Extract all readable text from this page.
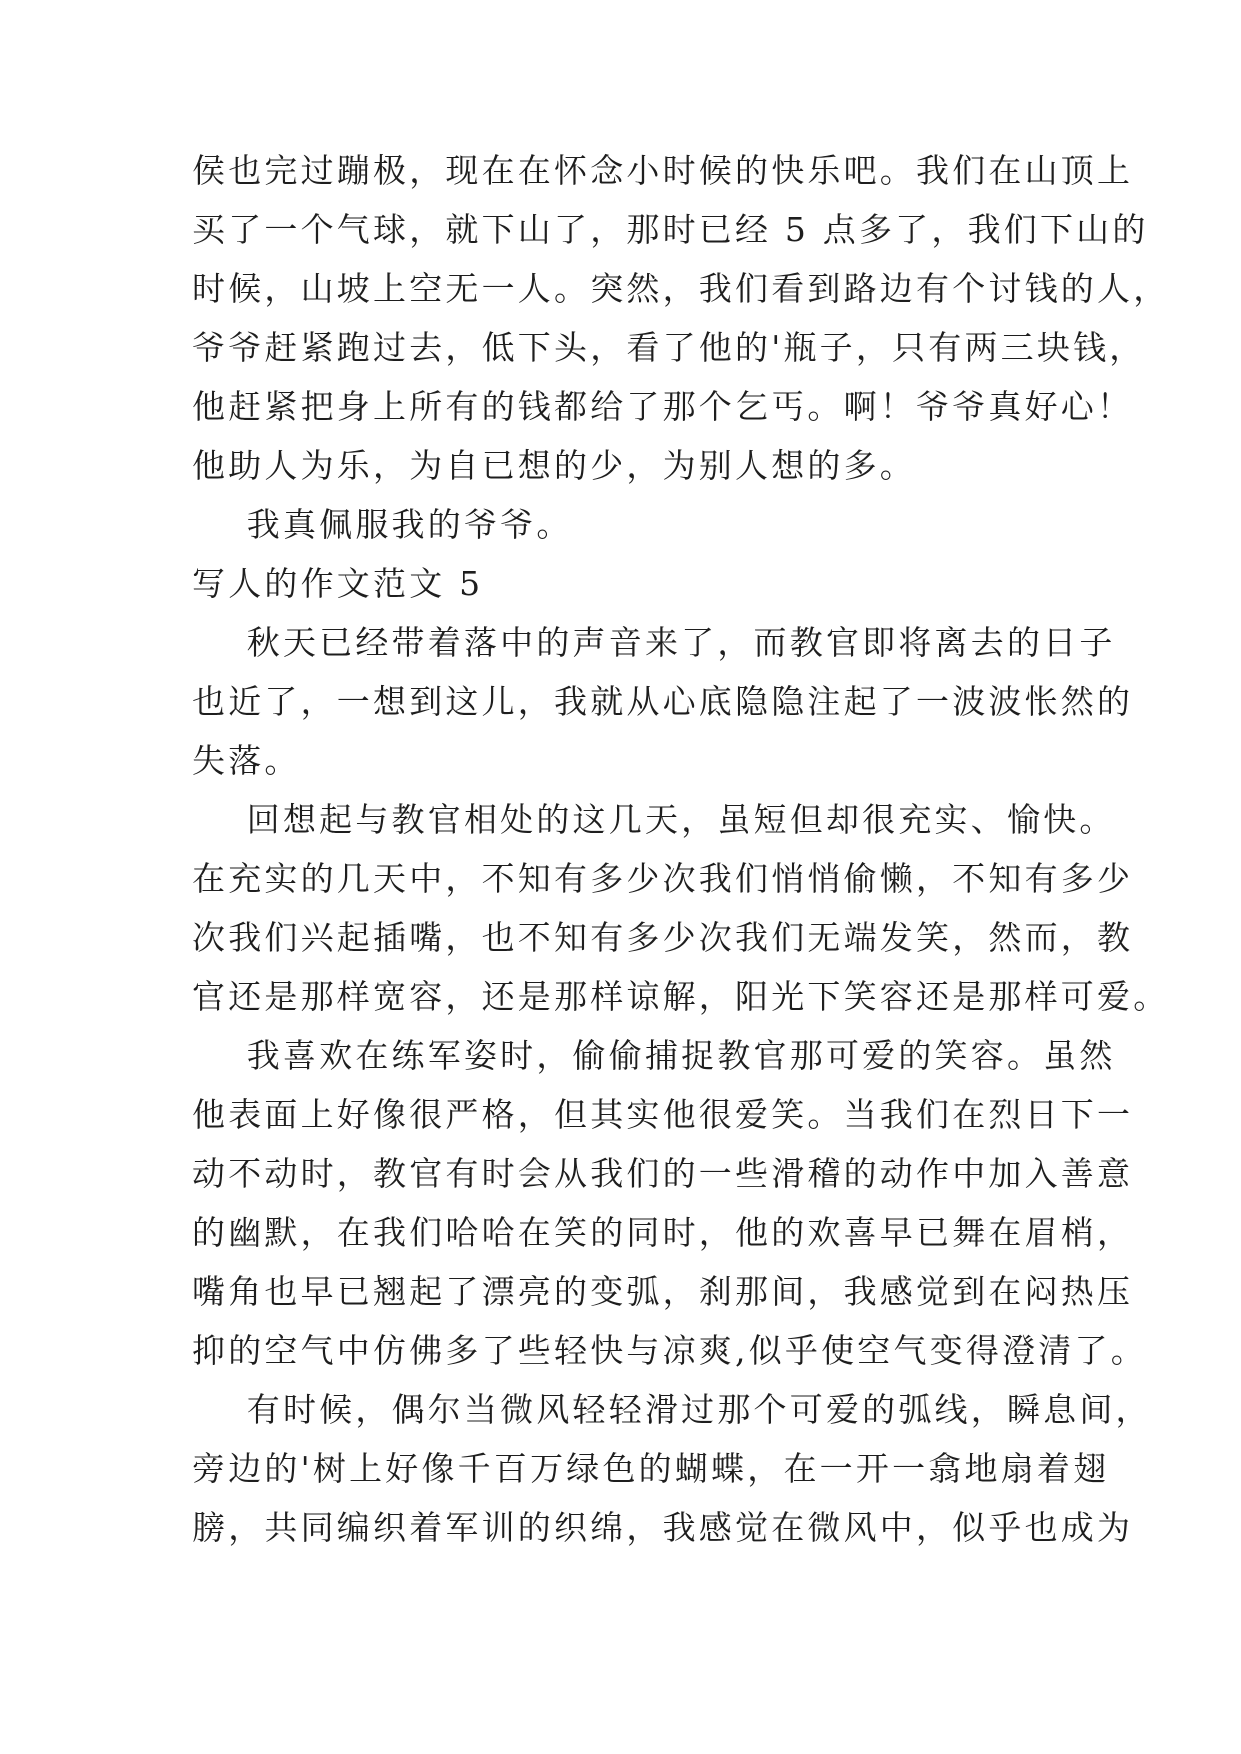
侯也完过蹦极，现在在怀念小时候的快乐吧。我们在山顶上
买了一个气球，就下山了，那时已经 5 点多了，我们下山的
时候，山坡上空无一人。突然，我们看到路边有个讨钱的人，
爷爷赶紧跑过去，低下头，看了他的'瓶子，只有两三块钱，
他赶紧把身上所有的钱都给了那个乞丐。啊！爷爷真好心！
他助人为乐，为自已想的少，为别人想的多。
我真佩服我的爷爷。
写人的作文范文 5
秋天已经带着落中的声音来了，而教官即将离去的日子
也近了，一想到这儿，我就从心底隐隐注起了一波波怅然的
失落。
回想起与教官相处的这几天，虽短但却很充实、愉快。
在充实的几天中，不知有多少次我们悄悄偷懒，不知有多少
次我们兴起插嘴，也不知有多少次我们无端发笑，然而，教
官还是那样宽容，还是那样谅解，阳光下笑容还是那样可爱。
我喜欢在练军姿时，偷偷捕捉教官那可爱的笑容。虽然
他表面上好像很严格，但其实他很爱笑。当我们在烈日下一
动不动时，教官有时会从我们的一些滑稽的动作中加入善意
的幽默，在我们哈哈在笑的同时，他的欢喜早已舞在眉梢，
嘴角也早已翘起了漂亮的变弧，刹那间，我感觉到在闷热压
抑的空气中仿佛多了些轻快与凉爽,似乎使空气变得澄清了。
有时候，偶尔当微风轻轻滑过那个可爱的弧线，瞬息间，
旁边的'树上好像千百万绿色的蝴蝶，在一开一翕地扇着翅
膀，共同编织着军训的织绵，我感觉在微风中，似乎也成为
